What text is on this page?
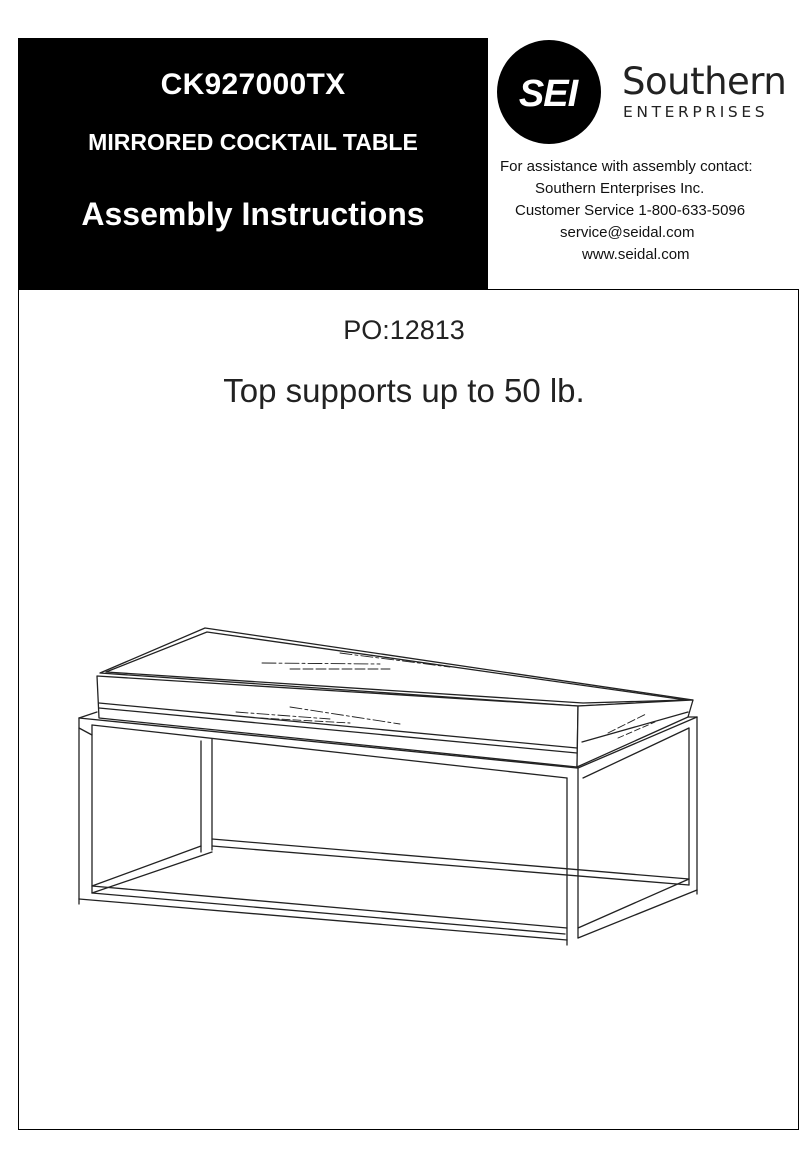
CK927000TX
MIRRORED COCKTAIL TABLE
Assembly Instructions
SEI Southern
ENTERPRISES
For assistance with assembly contact:
Southern Enterprises Inc.
Customer Service 1-800-633-5096
service@seidal.com
www.seidal.com
PO:12813
Top supports up to 50 lb.
